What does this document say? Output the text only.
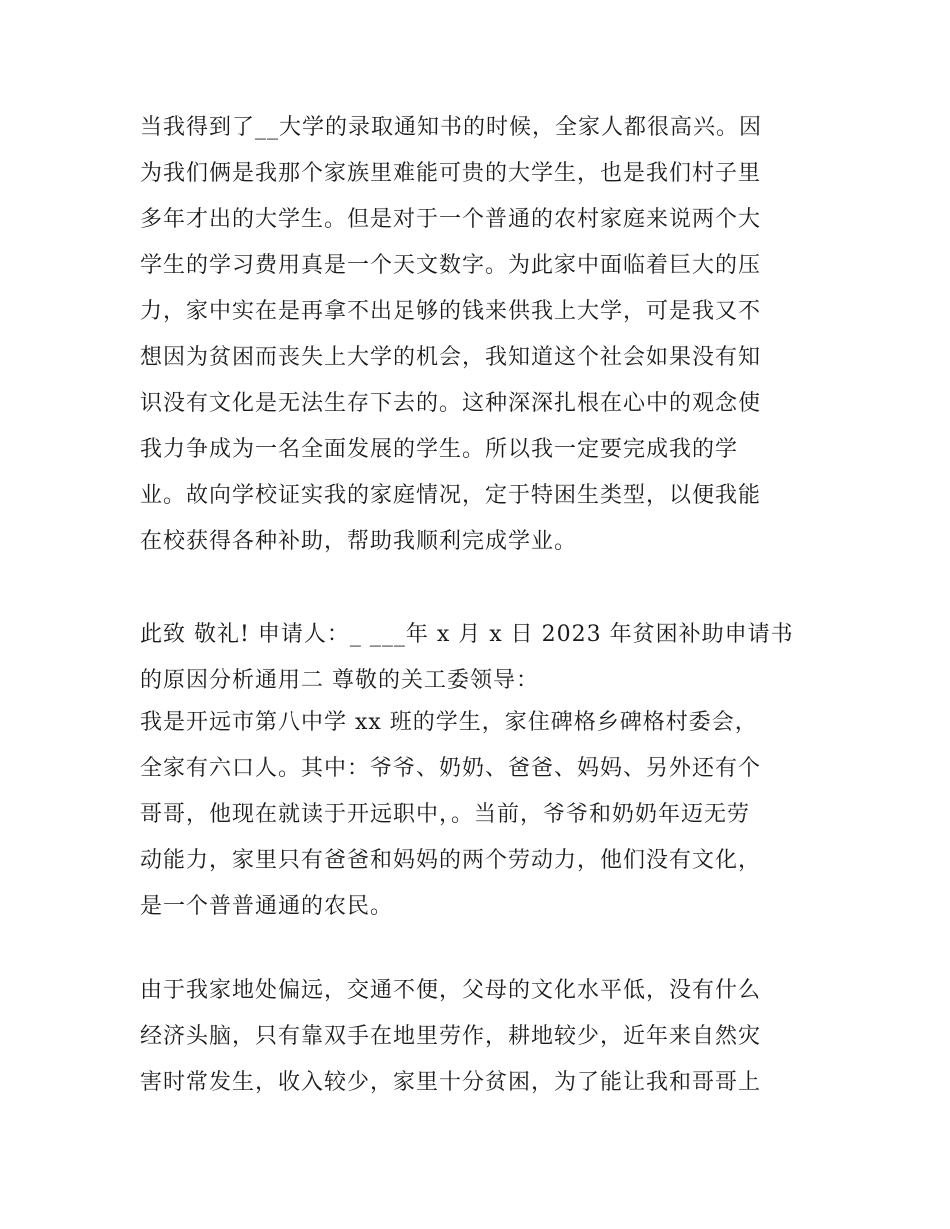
当我得到了__大学的录取通知书的时候，全家人都很高兴。因
为我们俩是我那个家族里难能可贵的大学生，也是我们村子里
多年才出的大学生。但是对于一个普通的农村家庭来说两个大
学生的学习费用真是一个天文数字。为此家中面临着巨大的压
力，家中实在是再拿不出足够的钱来供我上大学，可是我又不
想因为贫困而丧失上大学的机会，我知道这个社会如果没有知
识没有文化是无法生存下去的。这种深深扎根在心中的观念使
我力争成为一名全面发展的学生。所以我一定要完成我的学
业。故向学校证实我的家庭情况，定于特困生类型，以便我能
在校获得各种补助，帮助我顺利完成学业。
此致 敬礼! 申请人：_ ___年 x 月 x 日 2023 年贫困补助申请书
的原因分析通用二 尊敬的关工委领导：
我是开远市第八中学 xx 班的学生，家住碑格乡碑格村委会，
全家有六口人。其中：爷爷、奶奶、爸爸、妈妈、另外还有个
哥哥，他现在就读于开远职中，。当前，爷爷和奶奶年迈无劳
动能力，家里只有爸爸和妈妈的两个劳动力，他们没有文化，
是一个普普通通的农民。
由于我家地处偏远，交通不便，父母的文化水平低，没有什么
经济头脑，只有靠双手在地里劳作，耕地较少，近年来自然灾
害时常发生，收入较少，家里十分贫困，为了能让我和哥哥上
